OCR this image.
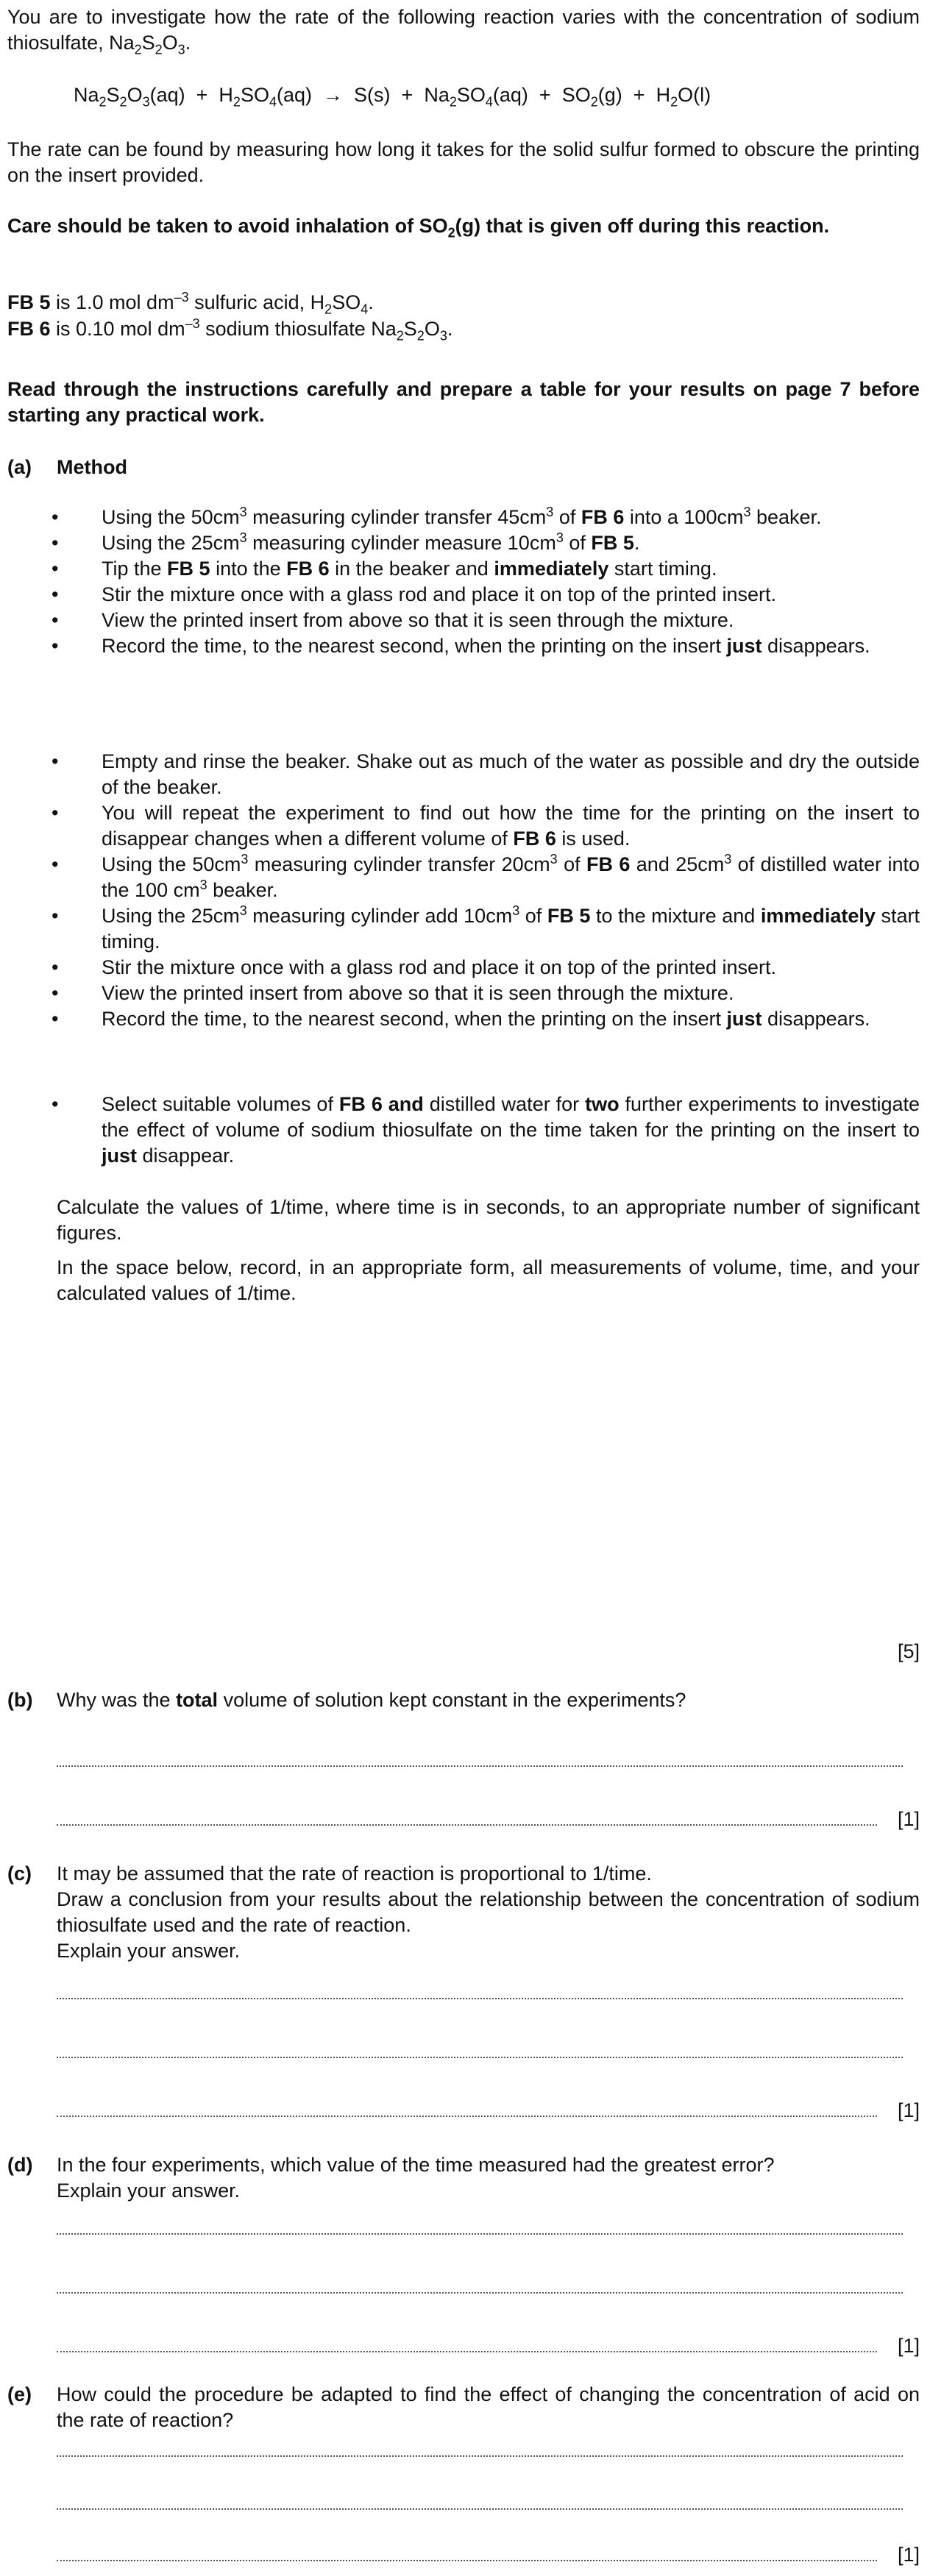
You are to investigate how the rate of the following reaction varies with the concentration of sodium thiosulfate, $Na_2S_2O_3$.

$Na_2S_2O_3(aq) + H_2SO_4(aq) \to S(s) + Na_2SO_4(aq) + SO_2(g) + H_2O(l)$

The rate can be found by measuring how long it takes for the solid sulfur formed to obscure the printing on the insert provided.

Care should be taken to avoid inhalation of $SO_2(g)$ that is given off during this reaction.
FB 5 is 1.0 mol $dm^{-3}$ sulfuric acid, $H_2SO_4$.
FB 6 is 0.10 mol $dm^{-3}$ sodium thiosulfate $Na_2S_2O_3$.

Read through the instructions carefully and prepare a table for your results on page 7 before starting any practical work.

(a) Method
• Using the $50cm^3$ measuring cylinder transfer $45cm^3$ of FB 6 into a $100cm^3$ beaker.
• Using the $25cm^3$ measuring cylinder measure $10cm^3$ of FB 5.
• Tip the FB 5 into the FB 6 in the beaker and immediately start timing.
• Stir the mixture once with a glass rod and place it on top of the printed insert.
• View the printed insert from above so that it is seen through the mixture.
• Record the time, to the nearest second, when the printing on the insert just disappears.
• Empty and rinse the beaker. Shake out as much of the water as possible and dry the outside of the beaker.
• You will repeat the experiment to find out how the time for the printing on the insert to disappear changes when a different volume of FB 6 is used.
• Using the $50cm^3$ measuring cylinder transfer $20cm^3$ of FB 6 and $25cm^3$ of distilled water into the 100 $cm^3$ beaker.
• Using the $25cm^3$ measuring cylinder add $10cm^3$ of FB 5 to the mixture and immediately start timing.
• Stir the mixture once with a glass rod and place it on top of the printed insert.
• View the printed insert from above so that it is seen through the mixture.
• Record the time, to the nearest second, when the printing on the insert just disappears.
• Select suitable volumes of FB 6 and distilled water for two further experiments to investigate the effect of volume of sodium thiosulfate on the time taken for the printing on the insert to just disappear.

Calculate the values of 1/time, where time is in seconds, to an appropriate number of significant figures.

In the space below, record, in an appropriate form, all measurements of volume, time, and your calculated values of 1/time.

[5]
(b) Why was the total volume of solution kept constant in the experiments?
[1]
(c) It may be assumed that the rate of reaction is proportional to 1/time.

Draw a conclusion from your results about the relationship between the concentration of sodium thiosulfate used and the rate of reaction.

Explain your answer.

[1]
(d) In the four experiments, which value of the time measured had the greatest error?

Explain your answer.

[1]
(e) How could the procedure be adapted to find the effect of changing the concentration of acid on the rate of reaction?

[1]
